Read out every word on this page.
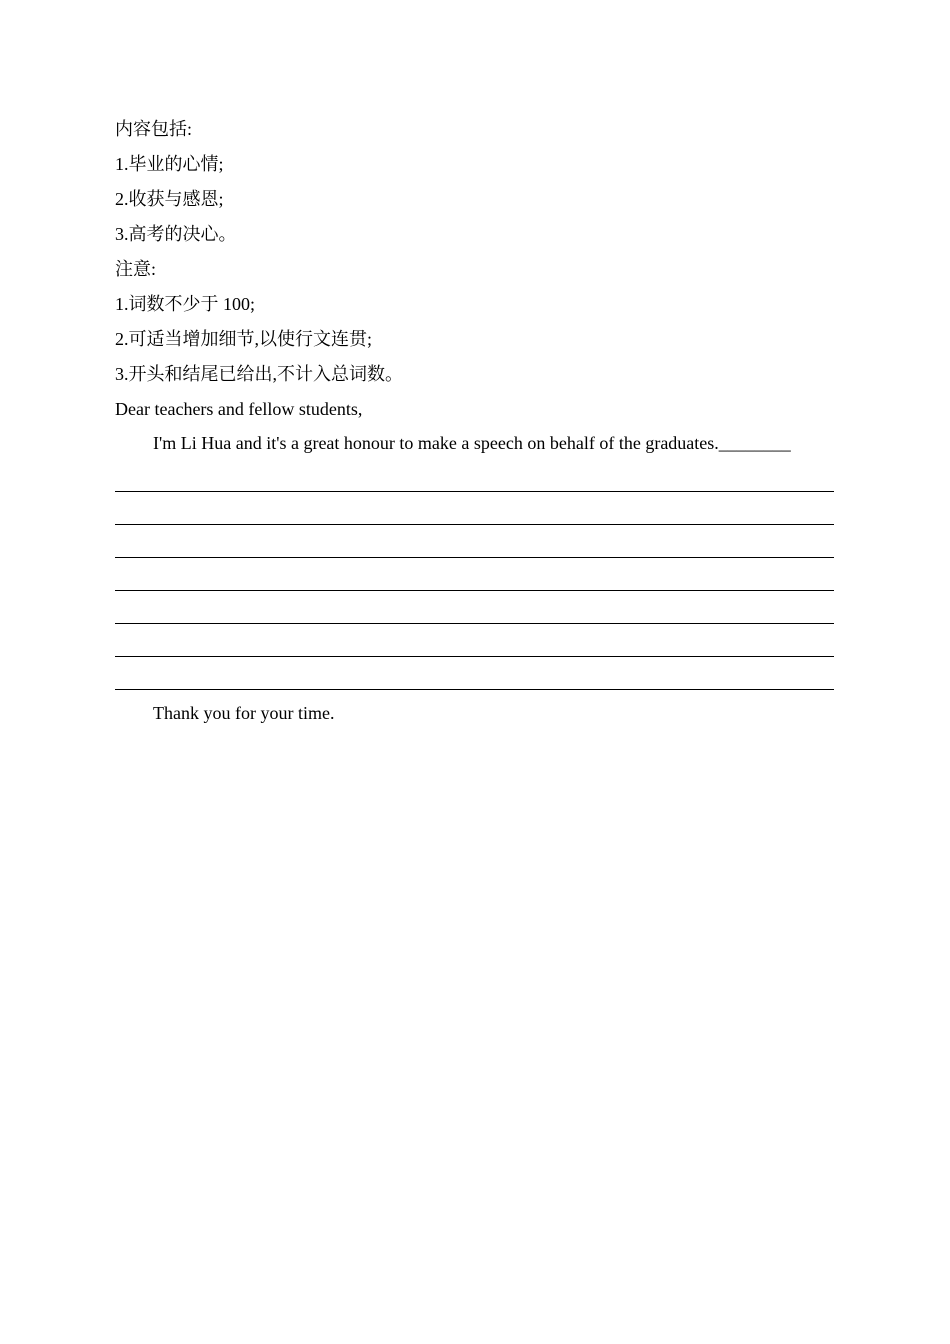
内容包括:
1.毕业的心情;
2.收获与感恩;
3.高考的决心。
注意:
1.词数不少于 100;
2.可适当增加细节,以使行文连贯;
3.开头和结尾已给出,不计入总词数。
Dear teachers and fellow students,
I'm Li Hua and it's a great honour to make a speech on behalf of the graduates.________
Thank you for your time.
